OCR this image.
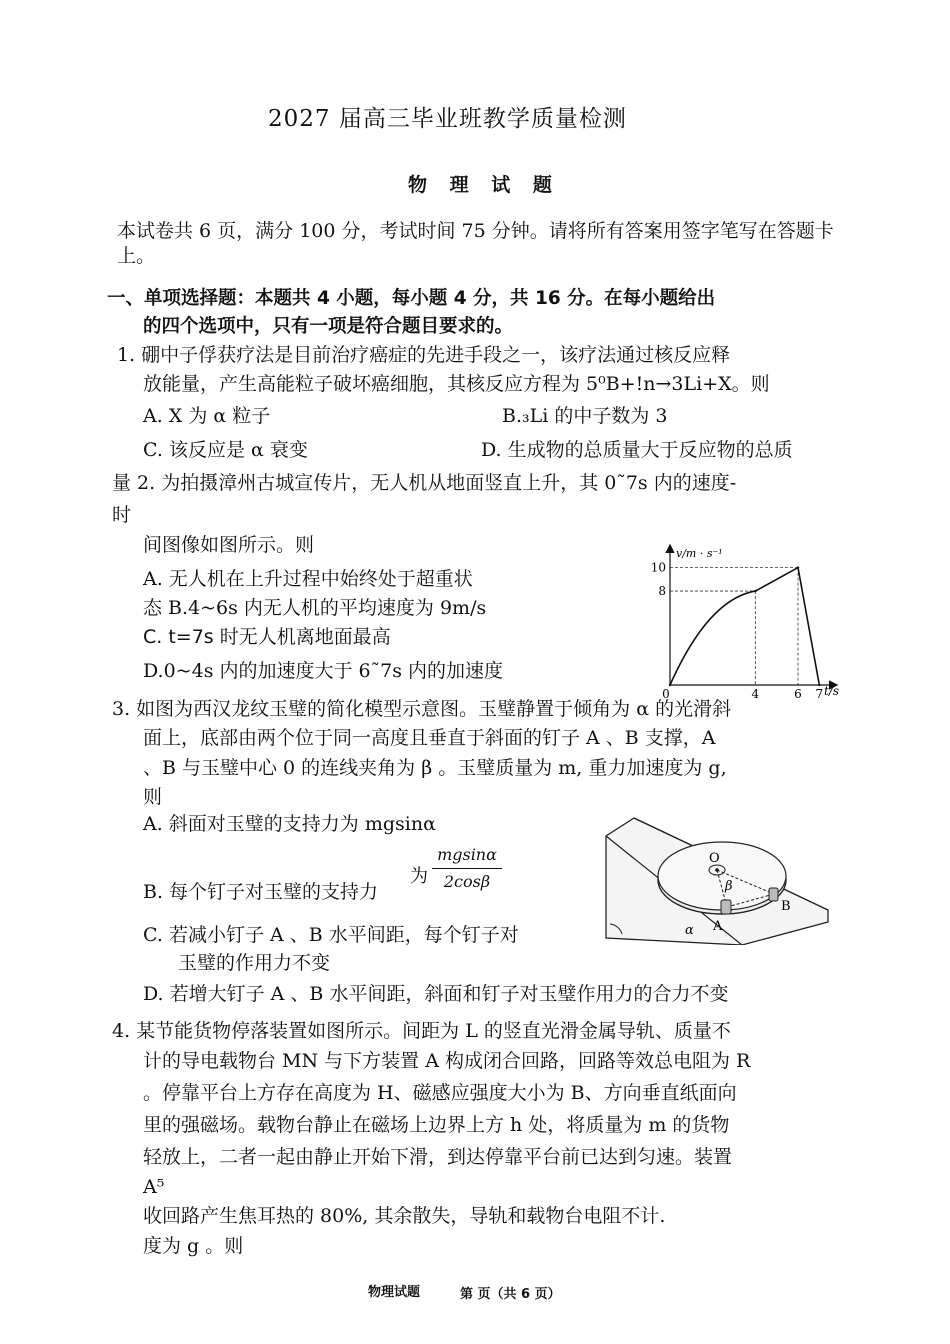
2027 届高三毕业班教学质量检测
物 理 试 题
本试卷共 6 页，满分 100 分，考试时间 75 分钟。请将所有答案用签字笔写在答题卡
上。
一、单项选择题：本题共 4 小题，每小题 4 分，共 16 分。在每小题给出
的四个选项中，只有一项是符合题目要求的。
1. 硼中子俘获疗法是目前治疗癌症的先进手段之一，该疗法通过核反应释
放能量，产生高能粒子破坏癌细胞，其核反应方程为 5⁰B+!n→3Li+X。则
A. X 为 α 粒子	B.₃Li 的中子数为 3
C. 该反应是 α 衰变	D. 生成物的总质量大于反应物的总质
量 2. 为拍摄漳州古城宣传片，无人机从地面竖直上升，其 0˜7s 内的速度-
时
间图像如图所示。则
A. 无人机在上升过程中始终处于超重状
态 B.4~6s 内无人机的平均速度为 9m/s
C. t=7s 时无人机离地面最高
D.0~4s 内的加速度大于 6˜7s 内的加速度
v/m · s⁻¹
t/s
8
10
0	4	6 7
3. 如图为西汉龙纹玉璧的简化模型示意图。玉璧静置于倾角为 α 的光滑斜
面上，底部由两个位于同一高度且垂直于斜面的钉子 A 、B 支撑，A
、B 与玉璧中心 0 的连线夹角为 β 。玉璧质量为 m, 重力加速度为 g,
则
A. 斜面对玉璧的支持力为 mgsinα
B. 每个钉子对玉璧的支持力
为
mgsinα
2cosβ
C. 若减小钉子 A 、B 水平间距，每个钉子对
玉璧的作用力不变
D. 若增大钉子 A 、B 水平间距，斜面和钉子对玉璧作用力的合力不变
O
β
A
B
α
4. 某节能货物停落装置如图所示。间距为 L 的竖直光滑金属导轨、质量不
计的导电载物台 MN 与下方装置 A 构成闭合回路，回路等效总电阻为 R
。停靠平台上方存在高度为 H、磁感应强度大小为 B、方向垂直纸面向
里的强磁场。载物台静止在磁场上边界上方 h 处，将质量为 m 的货物
轻放上，二者一起由静止开始下滑，到达停靠平台前已达到匀速。装置
A⁵
收回路产生焦耳热的 80%, 其余散失，导轨和载物台电阻不计.
度为 g 。则
物理试题	第 页（共 6 页）
